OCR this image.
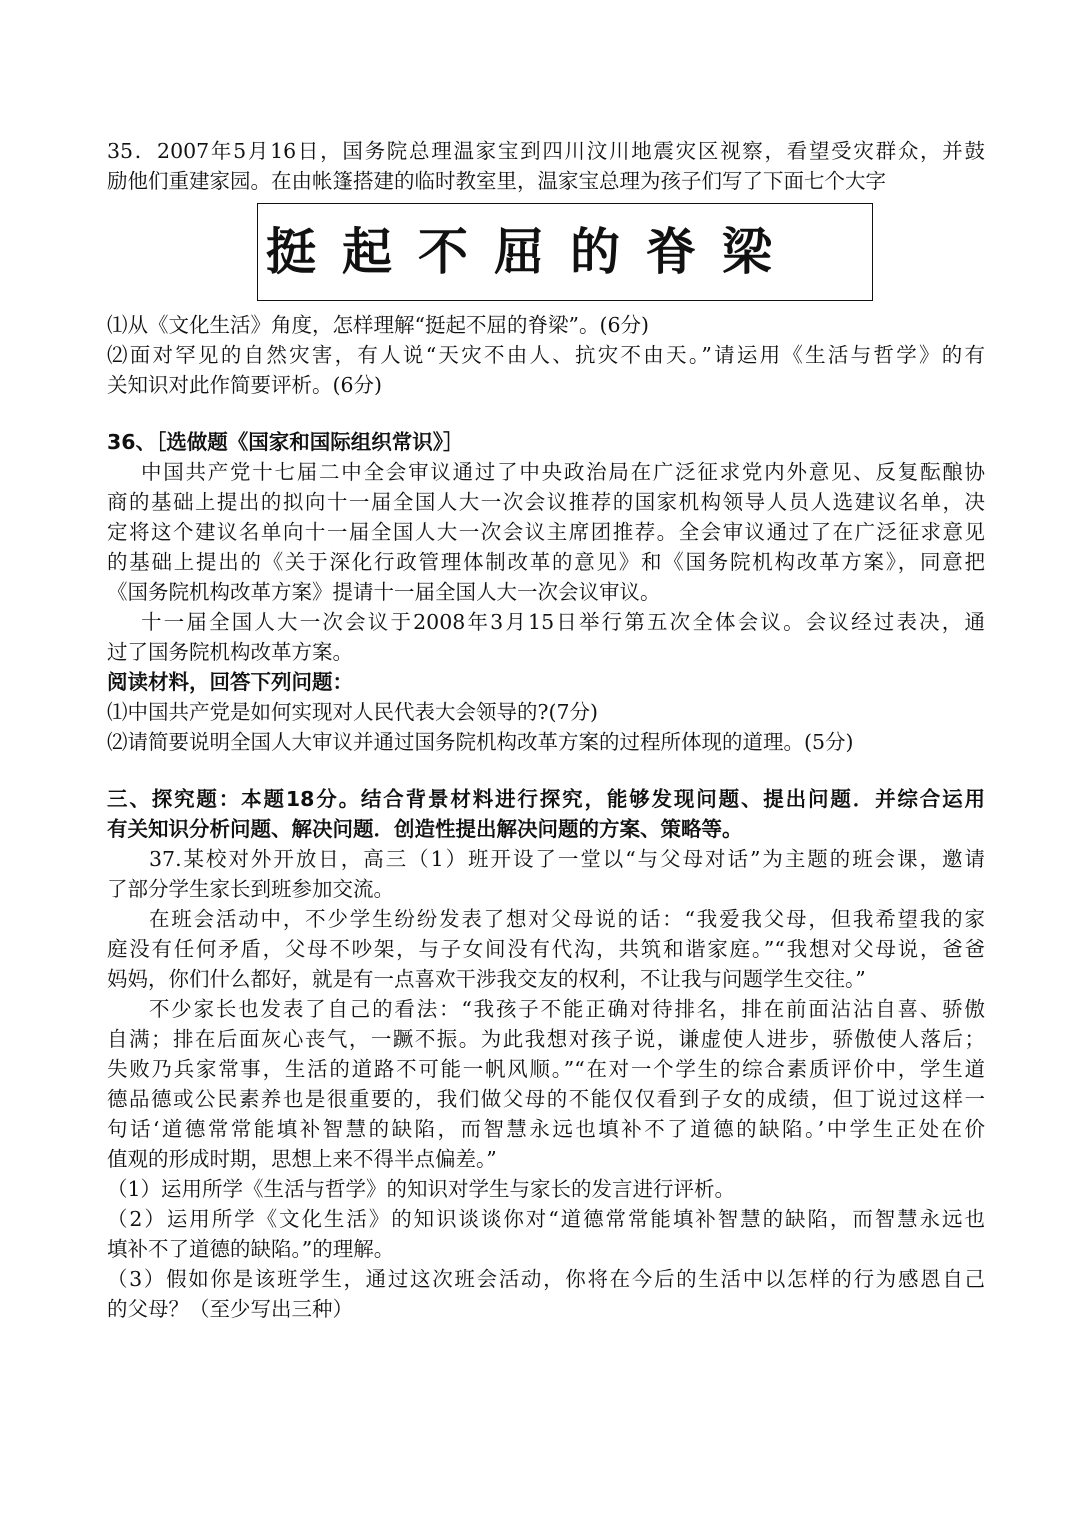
35．2007年5月16日，国务院总理温家宝到四川汶川地震灾区视察，看望受灾群众，并鼓
励他们重建家园。在由帐篷搭建的临时教室里，温家宝总理为孩子们写了下面七个大字
⑴从《文化生活》角度，怎样理解“挺起不屈的脊梁”。(6分)
⑵面对罕见的自然灾害，有人说“天灾不由人、抗灾不由天。”请运用《生活与哲学》的有
关知识对此作简要评析。(6分)
36、［选做题《国家和国际组织常识》］
中国共产党十七届二中全会审议通过了中央政治局在广泛征求党内外意见、反复酝酿协
商的基础上提出的拟向十一届全国人大一次会议推荐的国家机构领导人员人选建议名单，决
定将这个建议名单向十一届全国人大一次会议主席团推荐。全会审议通过了在广泛征求意见
的基础上提出的《关于深化行政管理体制改革的意见》和《国务院机构改革方案》，同意把
《国务院机构改革方案》提请十一届全国人大一次会议审议。
十一届全国人大一次会议于2008年3月15日举行第五次全体会议。会议经过表决，通
过了国务院机构改革方案。
阅读材料，回答下列问题：
⑴中国共产党是如何实现对人民代表大会领导的?(7分)
⑵请简要说明全国人大审议并通过国务院机构改革方案的过程所体现的道理。(5分)
三、探究题：本题18分。结合背景材料进行探究，能够发现问题、提出问题．并综合运用
有关知识分析问题、解决问题．创造性提出解决问题的方案、策略等。
37.某校对外开放日，高三（1）班开设了一堂以“与父母对话”为主题的班会课，邀请
了部分学生家长到班参加交流。
在班会活动中，不少学生纷纷发表了想对父母说的话：“我爱我父母，但我希望我的家
庭没有任何矛盾，父母不吵架，与子女间没有代沟，共筑和谐家庭。”“我想对父母说，爸爸
妈妈，你们什么都好，就是有一点喜欢干涉我交友的权利，不让我与问题学生交往。”
不少家长也发表了自己的看法：“我孩子不能正确对待排名，排在前面沾沾自喜、骄傲
自满；排在后面灰心丧气，一蹶不振。为此我想对孩子说，谦虚使人进步，骄傲使人落后；
失败乃兵家常事，生活的道路不可能一帆风顺。”“在对一个学生的综合素质评价中，学生道
德品德或公民素养也是很重要的，我们做父母的不能仅仅看到子女的成绩，但丁说过这样一
句话‘道德常常能填补智慧的缺陷，而智慧永远也填补不了道德的缺陷。’中学生正处在价
值观的形成时期，思想上来不得半点偏差。”
（1）运用所学《生活与哲学》的知识对学生与家长的发言进行评析。
（2）运用所学《文化生活》的知识谈谈你对“道德常常能填补智慧的缺陷，而智慧永远也
填补不了道德的缺陷。”的理解。
（3）假如你是该班学生，通过这次班会活动，你将在今后的生活中以怎样的行为感恩自己
的父母？（至少写出三种）
挺起不屈的脊梁
